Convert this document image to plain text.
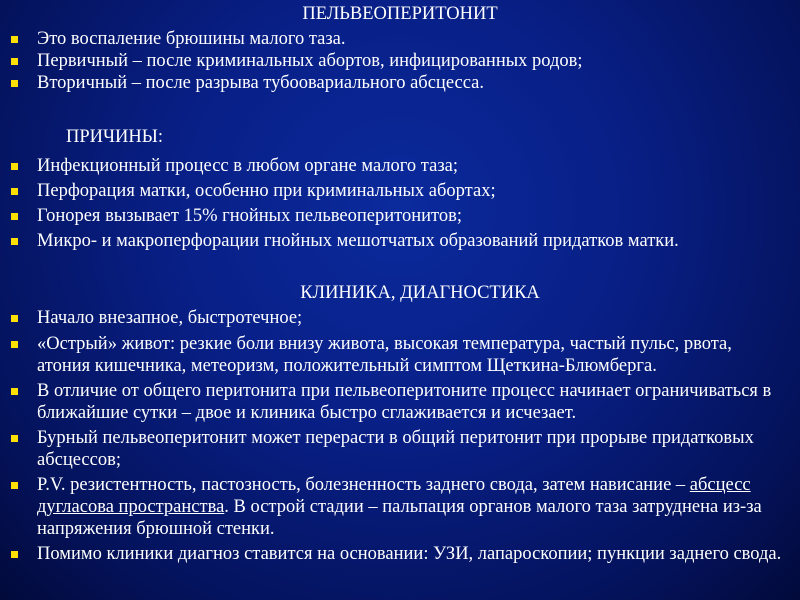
ПЕЛЬВЕОПЕРИТОНИТ
Это воспаление брюшины малого таза.
Первичный – после криминальных абортов, инфицированных родов;
Вторичный – после разрыва тубоовариального абсцесса.
ПРИЧИНЫ:
Инфекционный процесс в любом органе малого таза;
Перфорация матки, особенно при криминальных абортах;
Гонорея вызывает 15% гнойных пельвеоперитонитов;
Микро- и макроперфорации гнойных мешотчатых образований придатков матки.
КЛИНИКА, ДИАГНОСТИКА
Начало внезапное, быстротечное;
«Острый» живот: резкие боли внизу живота, высокая температура, частый пульс, рвота, атония кишечника, метеоризм, положительный симптом Щеткина-Блюмберга.
В отличие от общего перитонита при пельвеоперитоните процесс начинает ограничиваться в ближайшие сутки – двое и клиника быстро сглаживается и исчезает.
Бурный пельвеоперитонит может перерасти в общий перитонит при прорыве придатковых абсцессов;
P.V. резистентность, пастозность, болезненность заднего свода, затем нависание – абсцесс дугласова пространства. В острой стадии – пальпация органов малого таза затруднена из-за напряжения брюшной стенки.
Помимо клиники диагноз ставится на основании: УЗИ, лапароскопии; пункции заднего свода.
